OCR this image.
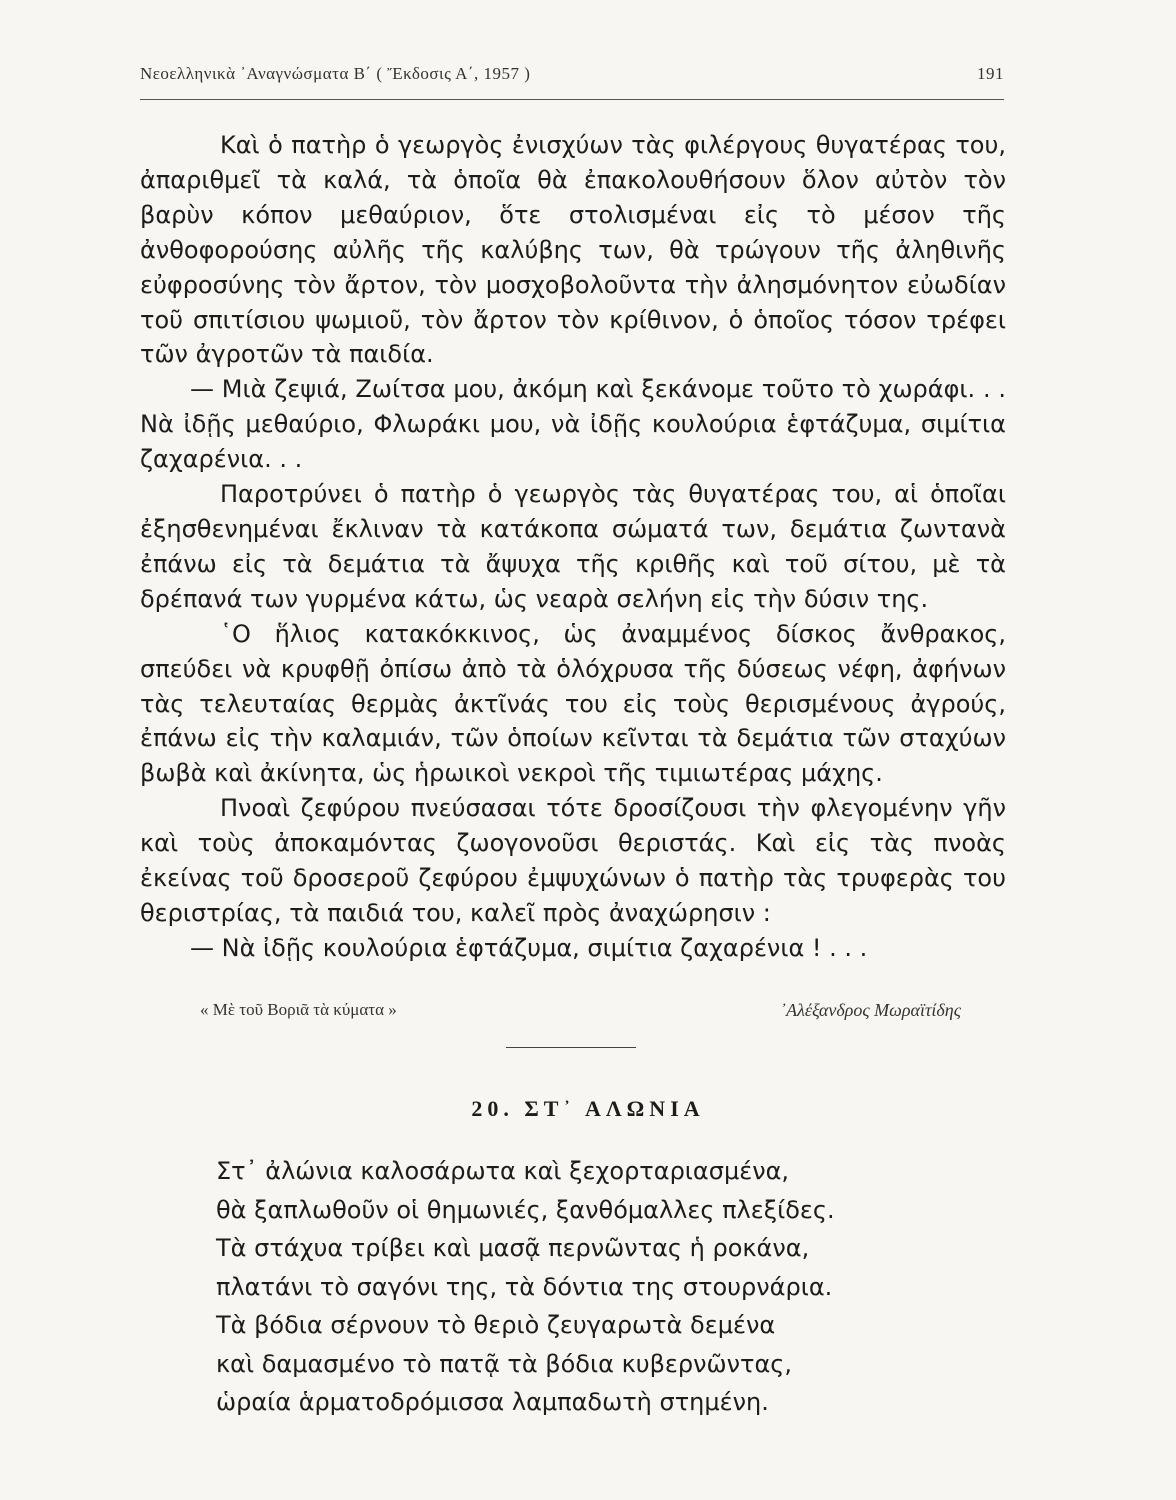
Νεοελληνικὰ ᾿Αναγνώσματα Β΄ ( Ἔκδοσις Α΄, 1957 )	191

Καὶ ὁ πατὴρ ὁ γεωργὸς ἐνισχύων τὰς φιλέργους θυγατέρας του, ἀπαριθμεῖ τὰ καλά, τὰ ὁποῖα θὰ ἐπακολουθήσουν ὅλον αὐτὸν τὸν βαρὺν κόπον μεθαύριον, ὅτε στολισμέναι εἰς τὸ μέσον τῆς ἀνθοφορούσης αὐλῆς τῆς καλύβης των, θὰ τρώγουν τῆς ἀληθινῆς εὐφροσύνης τὸν ἄρτον, τὸν μοσχοβολοῦντα τὴν ἀλησμόνητον εὐωδίαν τοῦ σπιτίσιου ψωμιοῦ, τὸν ἄρτον τὸν κρίθινον, ὁ ὁποῖος τόσον τρέφει τῶν ἀγροτῶν τὰ παιδία.

— Μιὰ ζεψιά, Ζωίτσα μου, ἀκόμη καὶ ξεκάνομε τοῦτο τὸ χωράφι. . . Νὰ ἰδῇς μεθαύριο, Φλωράκι μου, νὰ ἰδῇς κουλούρια ἑφτάζυμα, σιμίτια ζαχαρένια. . .

Παροτρύνει ὁ πατὴρ ὁ γεωργὸς τὰς θυγατέρας του, αἱ ὁποῖαι ἐξησθενημέναι ἔκλιναν τὰ κατάκοπα σώματά των, δεμάτια ζωντανὰ ἐπάνω εἰς τὰ δεμάτια τὰ ἄψυχα τῆς κριθῆς καὶ τοῦ σίτου, μὲ τὰ δρέπανά των γυρμένα κάτω, ὡς νεαρὰ σελήνη εἰς τὴν δύσιν της.

῾Ο ἥλιος κατακόκκινος, ὡς ἀναμμένος δίσκος ἄνθρακος, σπεύδει νὰ κρυφθῇ ὀπίσω ἀπὸ τὰ ὁλόχρυσα τῆς δύσεως νέφη, ἀφήνων τὰς τελευταίας θερμὰς ἀκτῖνάς του εἰς τοὺς θερισμένους ἀγρούς, ἐπάνω εἰς τὴν καλαμιάν, τῶν ὁποίων κεῖνται τὰ δεμάτια τῶν σταχύων βωβὰ καὶ ἀκίνητα, ὡς ἡρωικοὶ νεκροὶ τῆς τιμιωτέρας μάχης.

Πνοαὶ ζεφύρου πνεύσασαι τότε δροσίζουσι τὴν φλεγομένην γῆν καὶ τοὺς ἀποκαμόντας ζωογονοῦσι θεριστάς. Καὶ εἰς τὰς πνοὰς ἐκείνας τοῦ δροσεροῦ ζεφύρου ἐμψυχώνων ὁ πατὴρ τὰς τρυφερὰς του θεριστρίας, τὰ παιδιά του, καλεῖ πρὸς ἀναχώρησιν :

— Νὰ ἰδῇς κουλούρια ἑφτάζυμα, σιμίτια ζαχαρένια ! . . .

« Μὲ τοῦ Βοριᾶ τὰ κύματα »	᾿Αλέξανδρος Μωραϊτίδης
20. ΣΤ᾿ ΑΛΩΝΙΑ
Στ᾿ ἀλώνια καλοσάρωτα καὶ ξεχορταριασμένα,
θὰ ξαπλωθοῦν οἱ θημωνιές, ξανθόμαλλες πλεξίδες.
Τὰ στάχυα τρίβει καὶ μασᾷ περνῶντας ἡ ροκάνα,
πλατάνι τὸ σαγόνι της, τὰ δόντια της στουρνάρια.
Τὰ βόδια σέρνουν τὸ θεριὸ ζευγαρωτὰ δεμένα
καὶ δαμασμένο τὸ πατᾷ τὰ βόδια κυβερνῶντας,
ὡραία ἁρματοδρόμισσα λαμπαδωτὴ στημένη.
